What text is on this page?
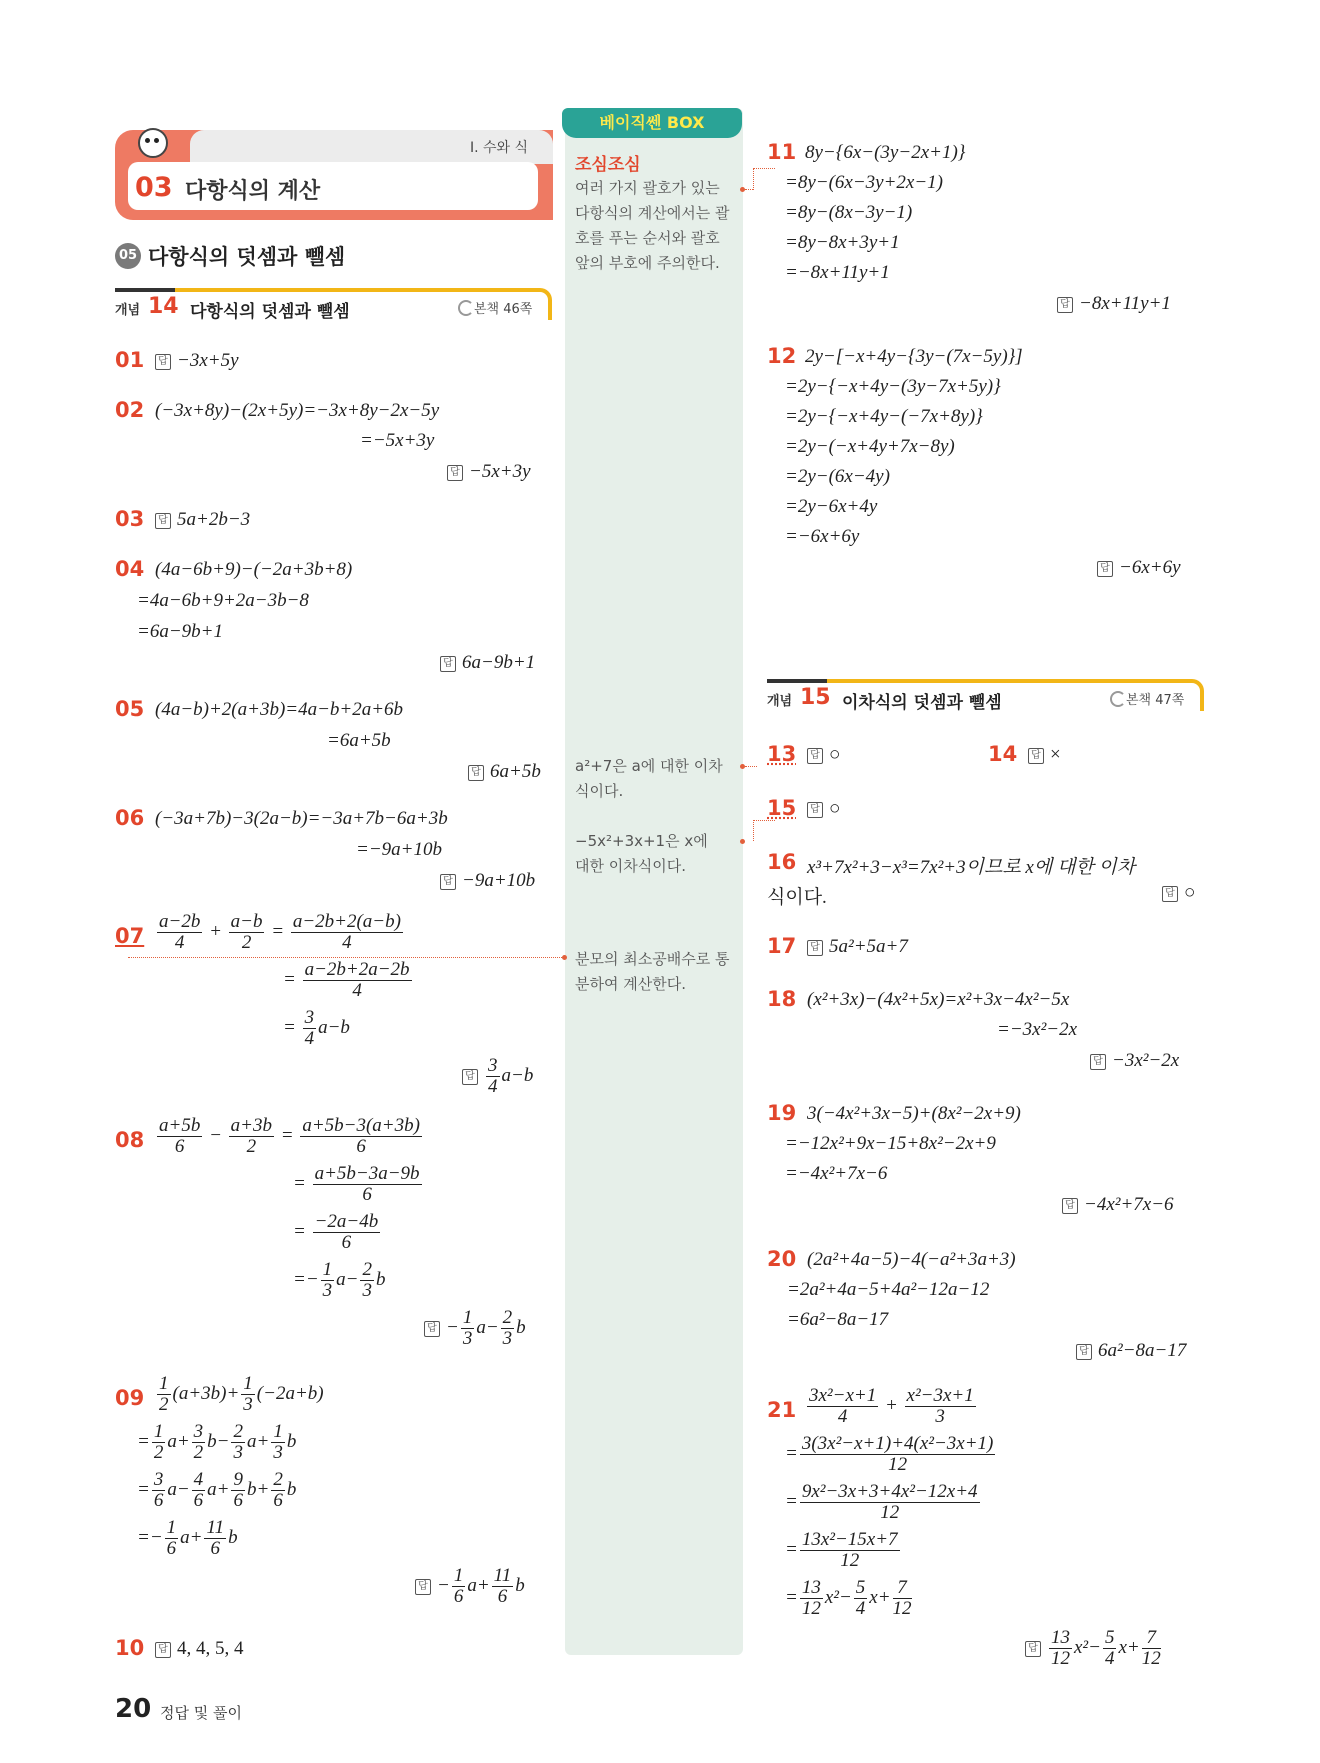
Ⅰ. 수와 식
03 다항식의 계산
05 다항식의 덧셈과 뺄셈
개념 14 다항식의 덧셈과 뺄셈	본책 46쪽
베이직쎈 BOX
조심조심
여러 가지 괄호가 있는
다항식의 계산에서는 괄
호를 푸는 순서와 괄호
앞의 부호에 주의한다.
a²+7은 a에 대한 이차
식이다.
−5x²+3x+1은 x에
대한 이차식이다.
분모의 최소공배수로 통
분하여 계산한다.
01	답 −3x+5y
02 (−3x+8y)−(2x+5y)=−3x+8y−2x−5y
=−5x+3y
답 −5x+3y
03	답 5a+2b−3
04 (4a−6b+9)−(−2a+3b+8)
=4a−6b+9+2a−3b−8
=6a−9b+1
답 6a−9b+1
05 (4a−b)+2(a+3b)=4a−b+2a+6b
=6a+5b
답 6a+5b
06 (−3a+7b)−3(2a−b)=−3a+7b−6a+3b
=−9a+10b
답 −9a+10b
$07 \frac{a-2b}{4} + \frac{a-b}{2} = \frac{a-2b+2(a-b)}{4}$
= $\frac{a-2b+2a-2b}{4}$
= $\frac{3}{4} a-b$
답 $\frac{3}{4} a-b$
$08 \frac{a+5b}{6} - \frac{a+3b}{2} = \frac{a+5b-3(a+3b)}{6}$
= $\frac{a+5b-3a-9b}{6}$
= $\frac{-2a-4b}{6}$
=− $\frac{1}{3} a- \frac{2}{3}$ b
답 − $\frac{1}{3} a- \frac{2}{3}$ b
$09 \frac{1}{2} (a+3b)+ \frac{1}{3} (-2a+b)$
= $\frac{1}{2} a+ \frac{3}{2} b- \frac{2}{3} a+ \frac{1}{3}$ b
= $\frac{3}{6} a- \frac{4}{6} a+ \frac{9}{6} b+ \frac{2}{6}$ b
=− $\frac{1}{6} a+ \frac{11}{6}$ b
답 − $\frac{1}{6} a+ \frac{11}{6}$ b
10	답 4, 4, 5, 4
11 8y−{6x−(3y−2x+1)}
=8y−(6x−3y+2x−1)
=8y−(8x−3y−1)
=8y−8x+3y+1
=−8x+11y+1
답 −8x+11y+1
12 2y−[−x+4y−{3y−(7x−5y)}]
=2y−{−x+4y−(3y−7x+5y)}
=2y−{−x+4y−(−7x+8y)}
=2y−(−x+4y+7x−8y)
=2y−(6x−4y)
=2y−6x+4y
=−6x+6y
답 −6x+6y
개념 15 이차식의 덧셈과 뺄셈	본책 47쪽
13	답 ○	14	답 ×
15	답 ○
16 x³+7x²+3−x³=7x²+3이므로 x에 대한 이차
식이다.	답 ○
17	답 5a²+5a+7
18 (x²+3x)−(4x²+5x)=x²+3x−4x²−5x
=−3x²−2x
답 −3x²−2x
19 3(−4x²+3x−5)+(8x²−2x+9)
=−12x²+9x−15+8x²−2x+9
=−4x²+7x−6
답 −4x²+7x−6
20 (2a²+4a−5)−4(−a²+3a+3)
=2a²+4a−5+4a²−12a−12
=6a²−8a−17
답 6a²−8a−17
$21 \frac{\text{3x²−x+1}}{4} + \frac{\text{x²−3x+1}}{3}$
= $\frac{\text{3(3x²−x+1)+4(x²−3x+1)}}{12}$
= $\frac{\text{9x²−3x+3+4x²−12x+4}}{12}$
= $\frac{\text{13x²−15x+7}}{12}$
= $\frac{13}{12} x^2- \frac{5}{4} x+ \frac{7}{12}$
답 $\frac{13}{12} x^2- \frac{5}{4} x+ \frac{7}{12}$
20 정답 및 풀이
